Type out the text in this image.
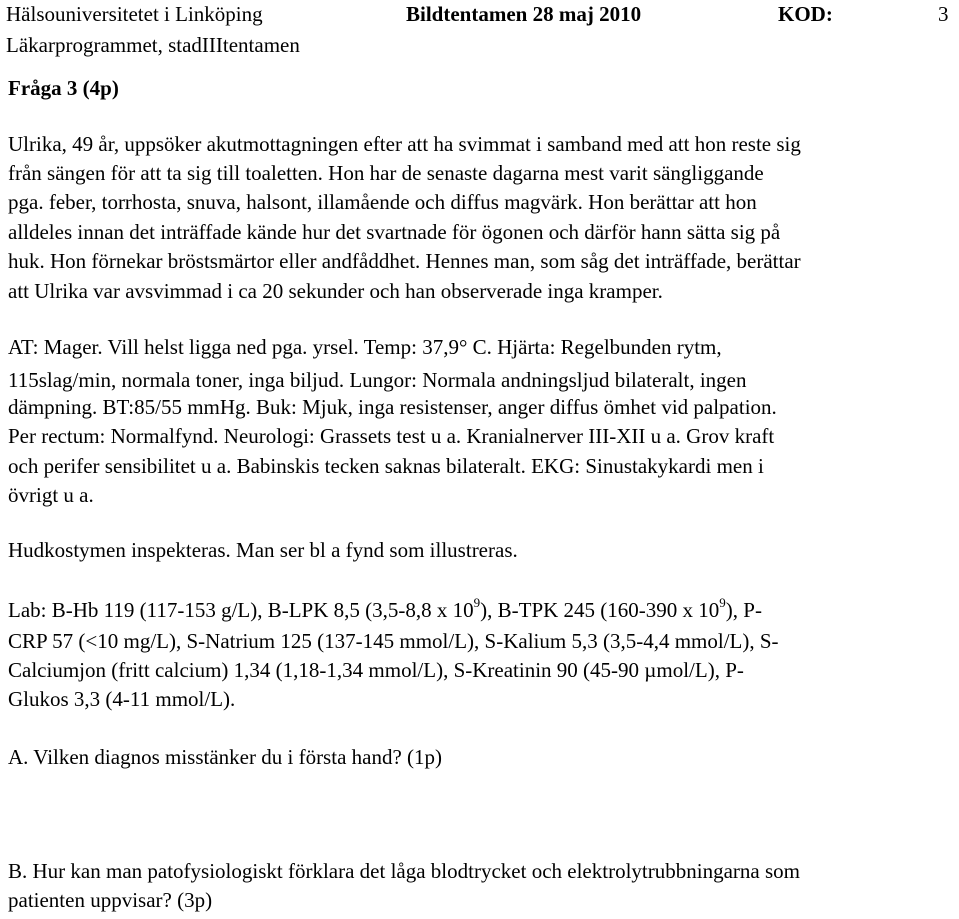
Hälsouniversitetet i Linköping
Läkarprogrammet, stadIIItentamen
Bildtentamen 28 maj 2010	KOD:	3
Fråga 3 (4p)
Ulrika, 49 år, uppsöker akutmottagningen efter att ha svimmat i samband med att hon reste sig
från sängen för att ta sig till toaletten. Hon har de senaste dagarna mest varit sängliggande
pga. feber, torrhosta, snuva, halsont, illamående och diffus magvärk. Hon berättar att hon
alldeles innan det inträffade kände hur det svartnade för ögonen och därför hann sätta sig på
huk. Hon förnekar bröstsmärtor eller andfåddhet. Hennes man, som såg det inträffade, berättar
att Ulrika var avsvimmad i ca 20 sekunder och han observerade inga kramper.
AT: Mager. Vill helst ligga ned pga. yrsel. Temp: 37,9° C. Hjärta: Regelbunden rytm,
115slag/min, normala toner, inga biljud. Lungor: Normala andningsljud bilateralt, ingen
dämpning. BT:85/55 mmHg. Buk: Mjuk, inga resistenser, anger diffus ömhet vid palpation.
Per rectum: Normalfynd. Neurologi: Grassets test u a. Kranialnerver III-XII u a. Grov kraft
och perifer sensibilitet u a. Babinskis tecken saknas bilateralt. EKG: Sinustakykardi men i
övrigt u a.
Hudkostymen inspekteras. Man ser bl a fynd som illustreras.
Lab: B-Hb 119 (117-153 g/L), B-LPK 8,5 (3,5-8,8 x $10^9$), B-TPK 245 (160-390 x $10^9$), P-
CRP 57 (<10 mg/L), S-Natrium 125 (137-145 mmol/L), S-Kalium 5,3 (3,5-4,4 mmol/L), S-
Calciumjon (fritt calcium) 1,34 (1,18-1,34 mmol/L), S-Kreatinin 90 (45-90 µmol/L), P-
Glukos 3,3 (4-11 mmol/L).
A. Vilken diagnos misstänker du i första hand? (1p)
B. Hur kan man patofysiologiskt förklara det låga blodtrycket och elektrolytrubbningarna som
patienten uppvisar? (3p)
